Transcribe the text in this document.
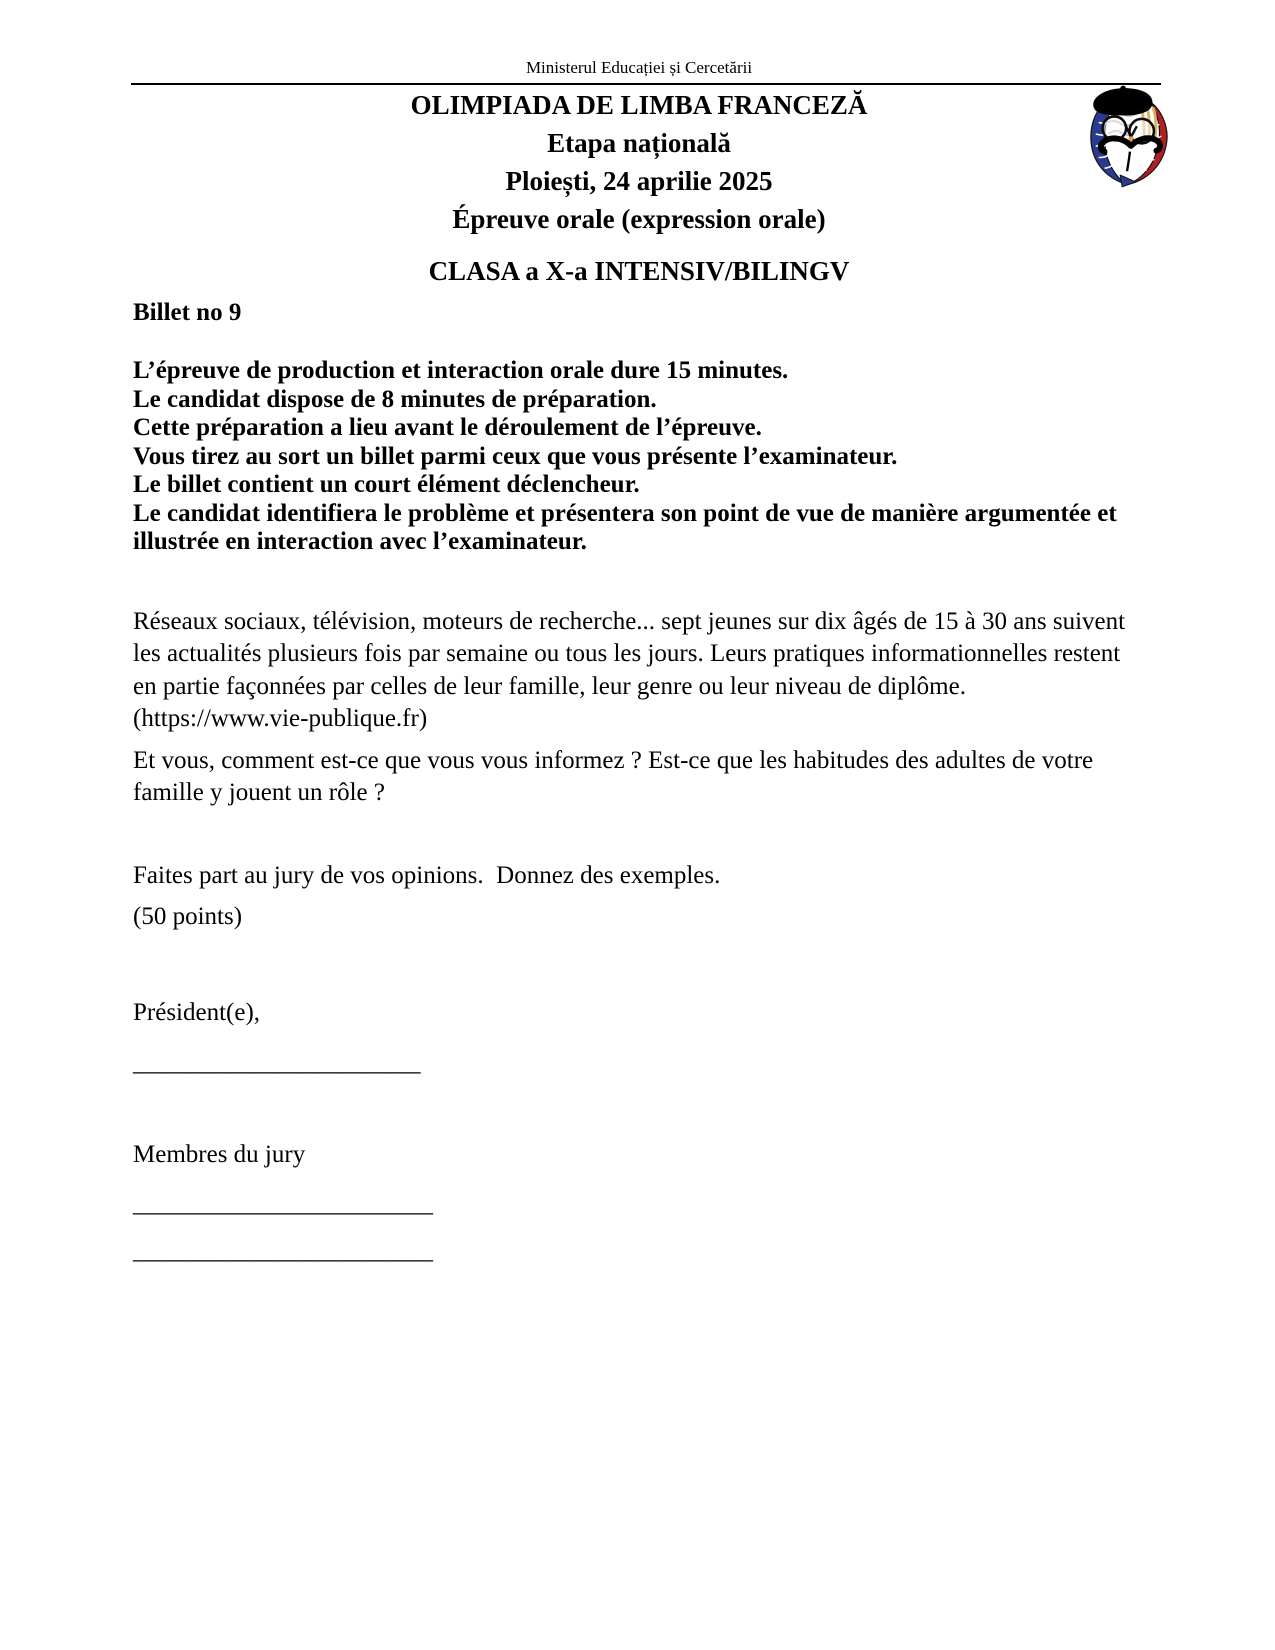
Ministerul Educației și Cercetării
OLIMPIADA DE LIMBA FRANCEZĂ
Etapa națională
Ploiești, 24 aprilie 2025
Épreuve orale (expression orale)
CLASA a X-a INTENSIV/BILINGV
Billet no 9
L’épreuve de production et interaction orale dure 15 minutes.
Le candidat dispose de 8 minutes de préparation.
Cette préparation a lieu avant le déroulement de l’épreuve.
Vous tirez au sort un billet parmi ceux que vous présente l’examinateur.
Le billet contient un court élément déclencheur.
Le candidat identifiera le problème et présentera son point de vue de manière argumentée et illustrée en interaction avec l’examinateur.
Réseaux sociaux, télévision, moteurs de recherche... sept jeunes sur dix âgés de 15 à 30 ans suivent les actualités plusieurs fois par semaine ou tous les jours. Leurs pratiques informationnelles restent en partie façonnées par celles de leur famille, leur genre ou leur niveau de diplôme. (https://www.vie-publique.fr)
Et vous, comment est-ce que vous vous informez ? Est-ce que les habitudes des adultes de votre famille y jouent un rôle ?
Faites part au jury de vos opinions.  Donnez des exemples.
(50 points)
Président(e),
_______________________
Membres du jury
________________________
________________________
